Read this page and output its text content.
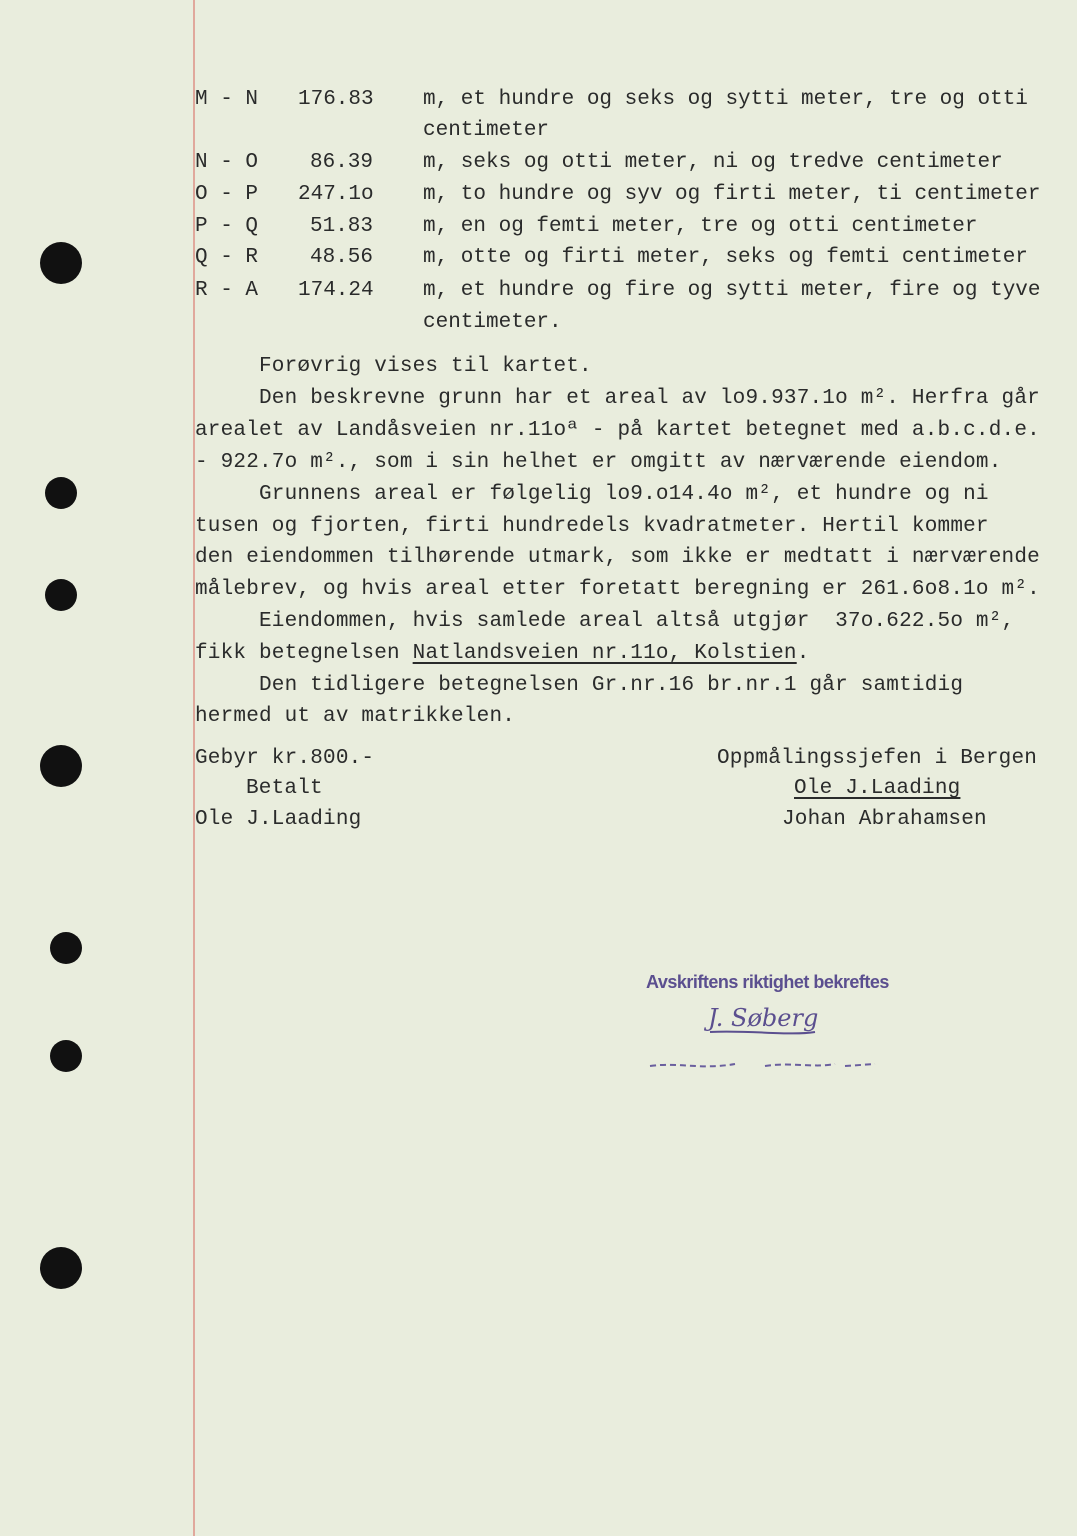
M - N

176.83

m, et hundre og seks og sytti meter, tre og otti

centimeter

N - O

86.39

m, seks og otti meter, ni og tredve centimeter

O - P

247.1o

m, to hundre og syv og firti meter, ti centimeter

P - Q

51.83

m, en og femti meter, tre og otti centimeter

Q - R

48.56

m, otte og firti meter, seks og femti centimeter

R - A

174.24

m, et hundre og fire og sytti meter, fire og tyve

centimeter.

Forøvrig vises til kartet.
Den beskrevne grunn har et areal av lo9.937.1o m². Herfra går
arealet av Landåsveien nr.11oª - på kartet betegnet med a.b.c.d.e.
- 922.7o m²., som i sin helhet er omgitt av nærværende eiendom.
Grunnens areal er følgelig lo9.o14.4o m², et hundre og ni
tusen og fjorten, firti hundredels kvadratmeter. Hertil kommer
den eiendommen tilhørende utmark, som ikke er medtatt i nærværende
målebrev, og hvis areal etter foretatt beregning er 261.6o8.1o m².
Eiendommen, hvis samlede areal altså utgjør  37o.622.5o m²,
fikk betegnelsen Natlandsveien nr.11o, Kolstien.
Den tidligere betegnelsen Gr.nr.16 br.nr.1 går samtidig
hermed ut av matrikkelen.
Gebyr kr.800.-
Betalt
Ole J.Laading
Oppmålingssjefen i Bergen
Ole J.Laading
Johan Abrahamsen
Avskriftens riktighet bekreftes
J. Søberg
